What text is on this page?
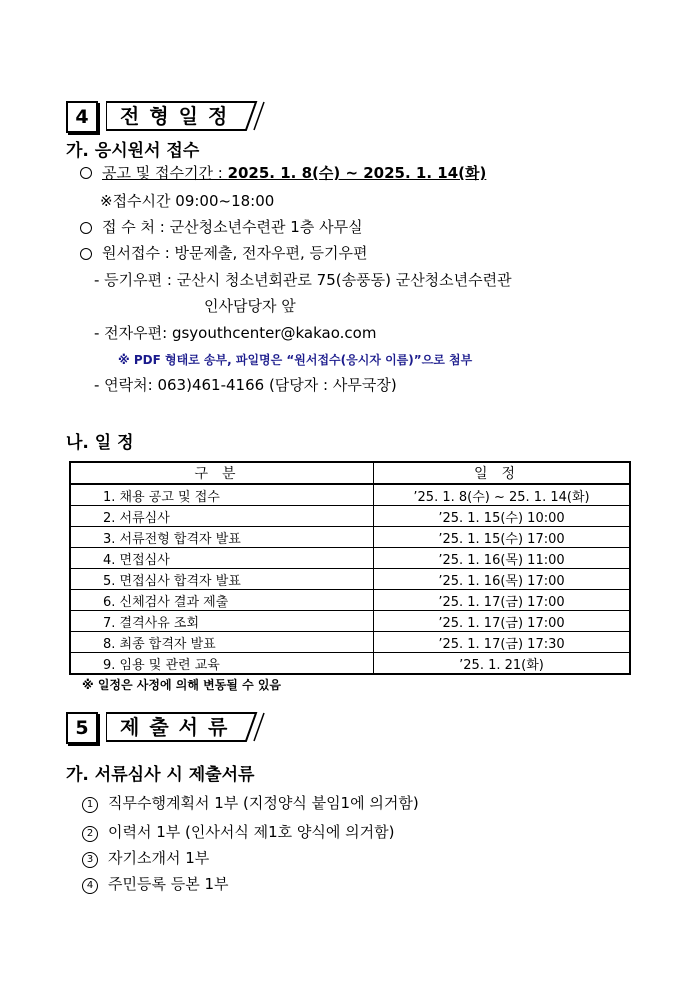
4	전형일정
가. 응시원서 접수
공고 및 접수기간 : 2025. 1. 8(수) ~ 2025. 1. 14(화)
※접수시간 09:00~18:00
접 수 처 : 군산청소년수련관 1층 사무실
원서접수 : 방문제출, 전자우편, 등기우편
- 등기우편 : 군산시 청소년회관로 75(송풍동) 군산청소년수련관
인사담당자 앞
- 전자우편: gsyouthcenter@kakao.com
※ PDF 형태로 송부, 파일명은 “원서접수(응시자 이름)”으로 첨부
- 연락처: 063)461-4166 (담당자 : 사무국장)
나. 일 정
구분	일정
1. 채용 공고 및 접수	’25. 1. 8(수) ~ 25. 1. 14(화)
2. 서류심사	’25. 1. 15(수) 10:00
3. 서류전형 합격자 발표	’25. 1. 15(수) 17:00
4. 면접심사	’25. 1. 16(목) 11:00
5. 면접심사 합격자 발표	’25. 1. 16(목) 17:00
6. 신체검사 결과 제출	’25. 1. 17(금) 17:00
7. 결격사유 조회	’25. 1. 17(금) 17:00
8. 최종 합격자 발표	’25. 1. 17(금) 17:30
9. 임용 및 관련 교육	’25. 1. 21(화)
※ 일정은 사정에 의해 변동될 수 있음
5	제출서류
가. 서류심사 시 제출서류
1 직무수행계획서 1부 (지정양식 붙임1에 의거함)
2 이력서 1부 (인사서식 제1호 양식에 의거함)
3 자기소개서 1부
4 주민등록 등본 1부
